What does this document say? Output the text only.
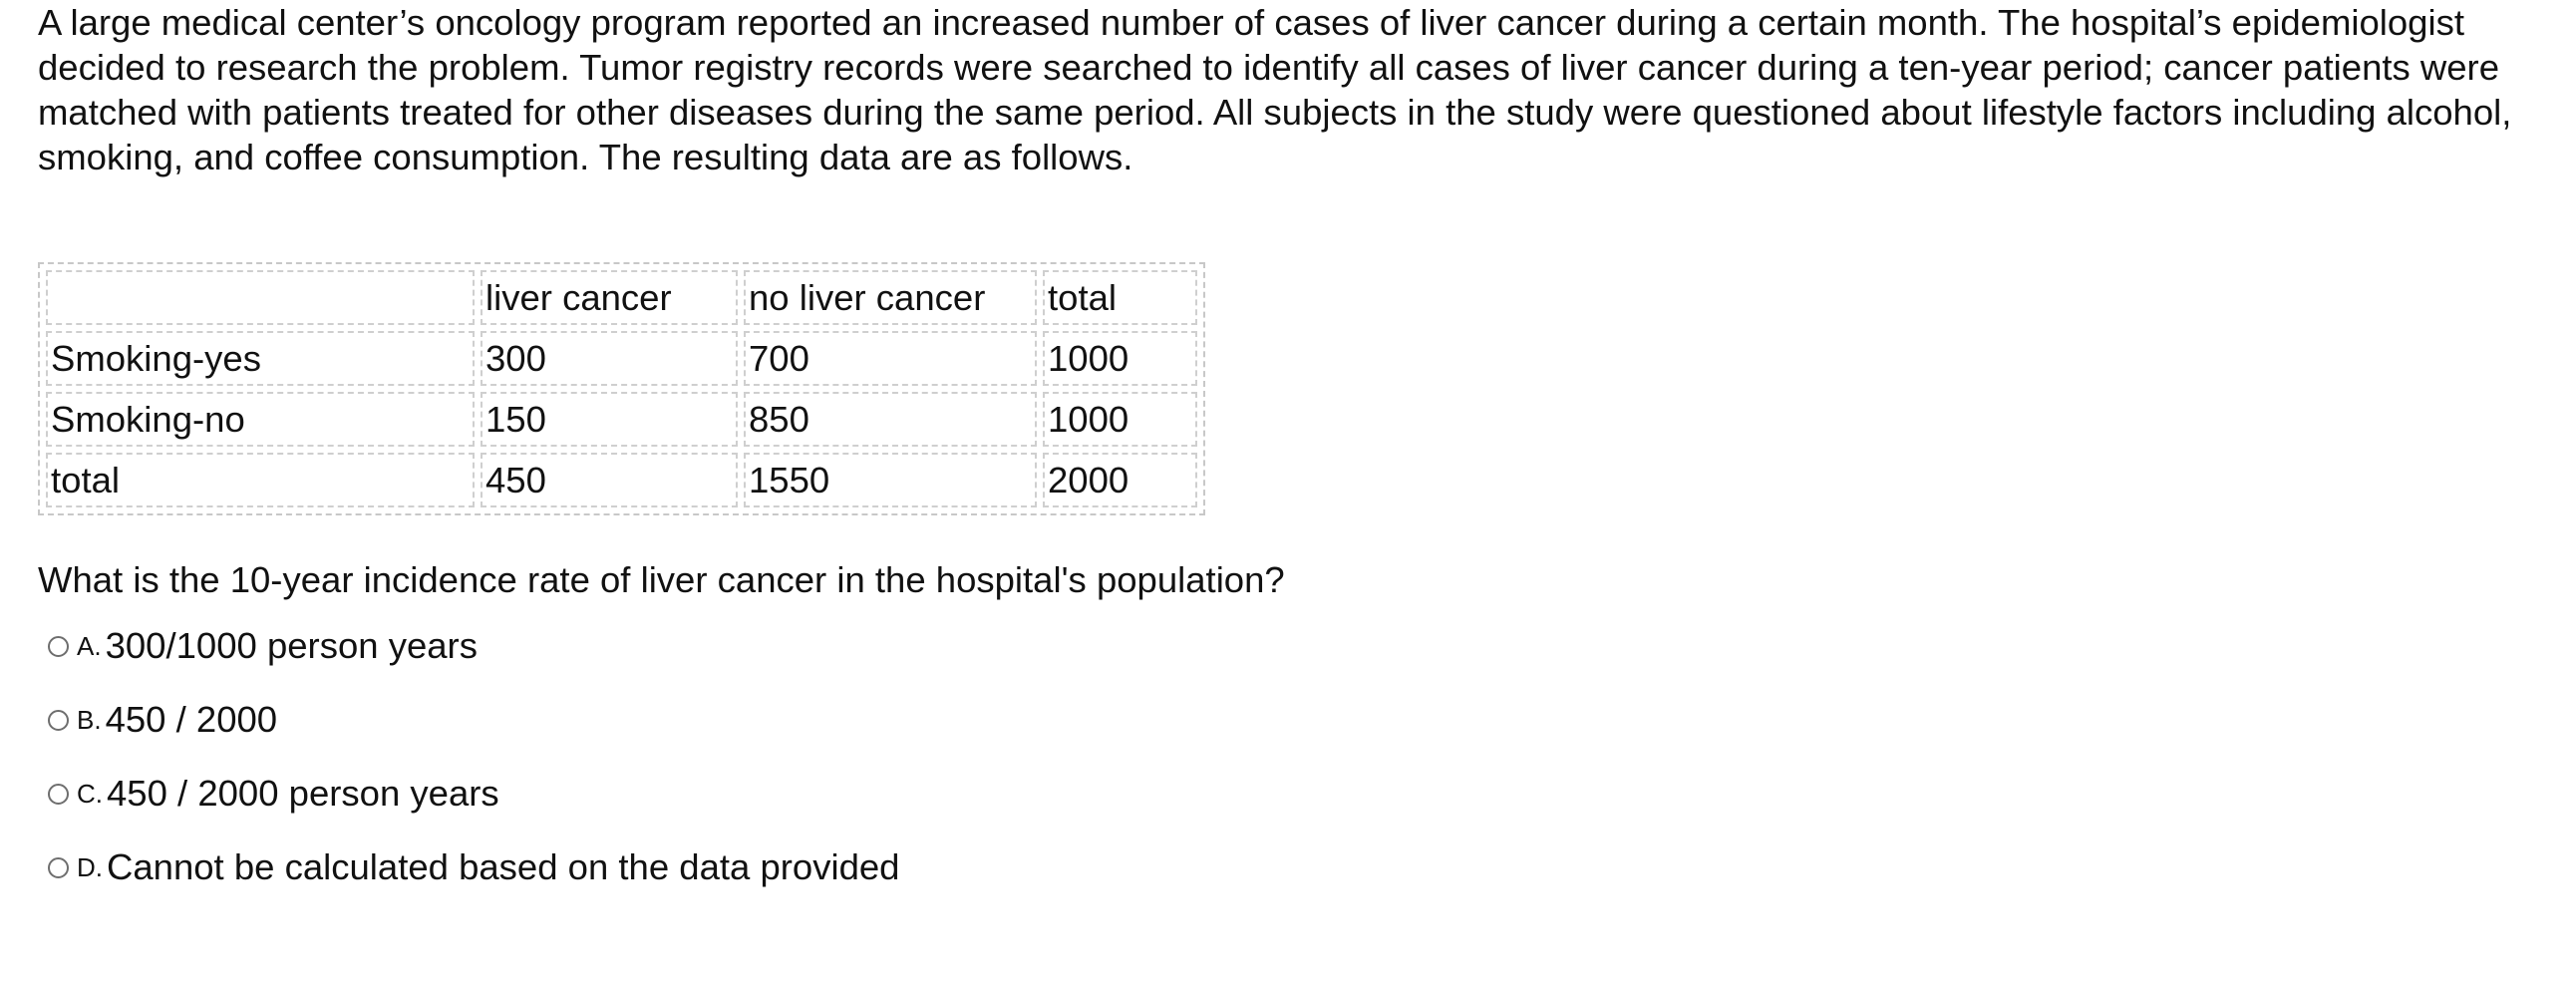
A large medical center’s oncology program reported an increased number of cases of liver cancer during a certain month. The hospital’s epidemiologist decided to research the problem. Tumor registry records were searched to identify all cases of liver cancer during a ten-year period; cancer patients were matched with patients treated for other diseases during the same period. All subjects in the study were questioned about lifestyle factors including alcohol, smoking, and coffee consumption. The resulting data are as follows.

	liver cancer	no liver cancer	total
Smoking-yes	300	700	1000
Smoking-no	150	850	1000
total	450	1550	2000

What is the 10-year incidence rate of liver cancer in the hospital's population?

A. 300/1000 person years
B. 450 / 2000
C. 450 / 2000 person years
D. Cannot be calculated based on the data provided
